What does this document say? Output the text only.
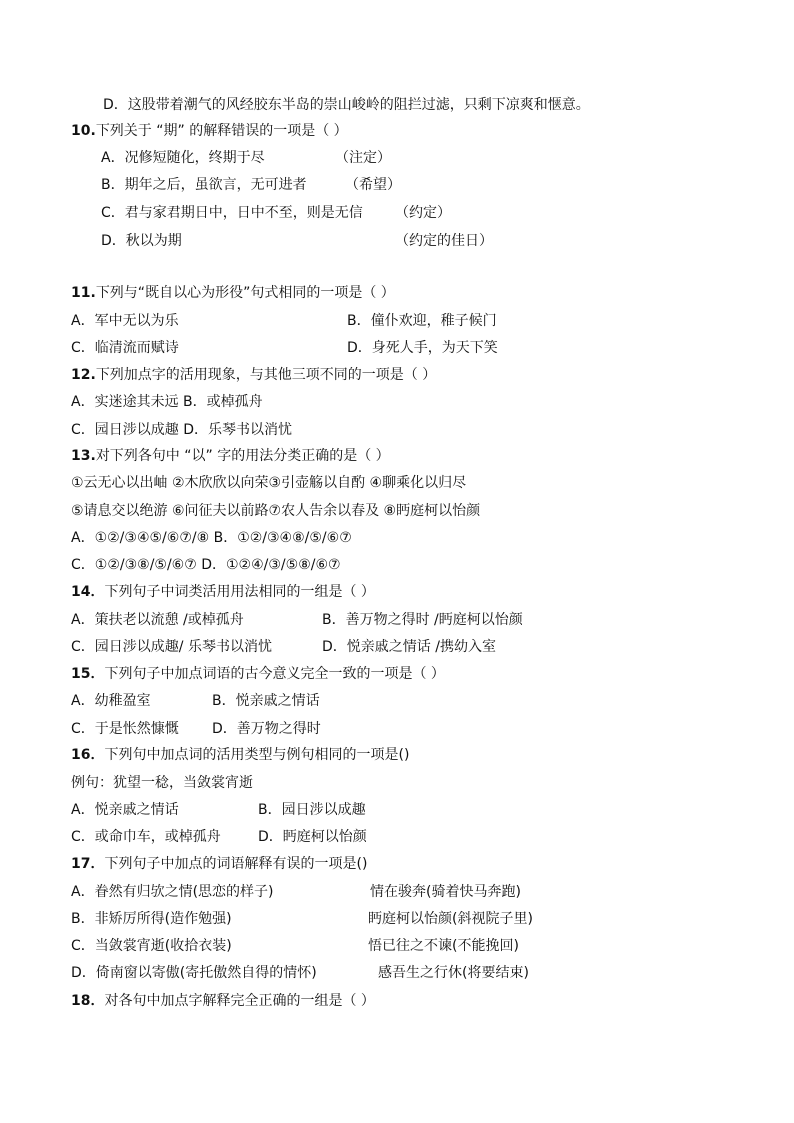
D．这股带着潮气的风经胶东半岛的崇山峻岭的阻拦过滤，只剩下凉爽和惬意。
10.下列关于 “期” 的解释错误的一项是（ ）
A．况修短随化，终期于尽	（注定）
B．期年之后，虽欲言，无可进者	（希望）
C．君与家君期日中，日中不至，则是无信 （约定）
D．秋以为期	（约定的佳日）
11.下列与“既自以心为形役”句式相同的一项是（ ）
A．军中无以为乐	B．僮仆欢迎，稚子候门
C．临清流而赋诗	D．身死人手，为天下笑
12.下列加点字的活用现象，与其他三项不同的一项是（ ）
A．实迷途其未远 B．或棹孤舟
C．园日涉以成趣 D．乐琴书以消忧
13.对下列各句中 “以” 字的用法分类正确的是（ ）
①云无心以出岫 ②木欣欣以向荣③引壶觞以自酌 ④聊乘化以归尽
⑤请息交以绝游 ⑥问征夫以前路⑦农人告余以春及 ⑧眄庭柯以怡颜
A．①②/③④⑤/⑥⑦/⑧ B．①②/③④⑧/⑤/⑥⑦
C．①②/③⑧/⑤/⑥⑦ D．①②④/③/⑤⑧/⑥⑦
14．下列句子中词类活用用法相同的一组是（ ）
A．策扶老以流憩 /或棹孤舟	B．善万物之得时 /眄庭柯以怡颜
C．园日涉以成趣/ 乐琴书以消忧	D．悦亲戚之情话 /携幼入室
15．下列句子中加点词语的古今意义完全一致的一项是（ ）
A．幼稚盈室	B．悦亲戚之情话
C．于是怅然慷慨 D．善万物之得时
16．下列句中加点词的活用类型与例句相同的一项是()
例句：犹望一稔，当敛裳宵逝
A．悦亲戚之情话	B．园日涉以成趣
C．或命巾车，或棹孤舟	D．眄庭柯以怡颜
17．下列句子中加点的词语解释有误的一项是()
A．眷然有归欤之情(思恋的样子)	情在骏奔(骑着快马奔跑)
B．非矫厉所得(造作勉强)	眄庭柯以怡颜(斜视院子里)
C．当敛裳宵逝(收拾衣装)	悟已往之不谏(不能挽回)
D．倚南窗以寄傲(寄托傲然自得的情怀)	感吾生之行休(将要结束)
18．对各句中加点字解释完全正确的一组是（ ）
